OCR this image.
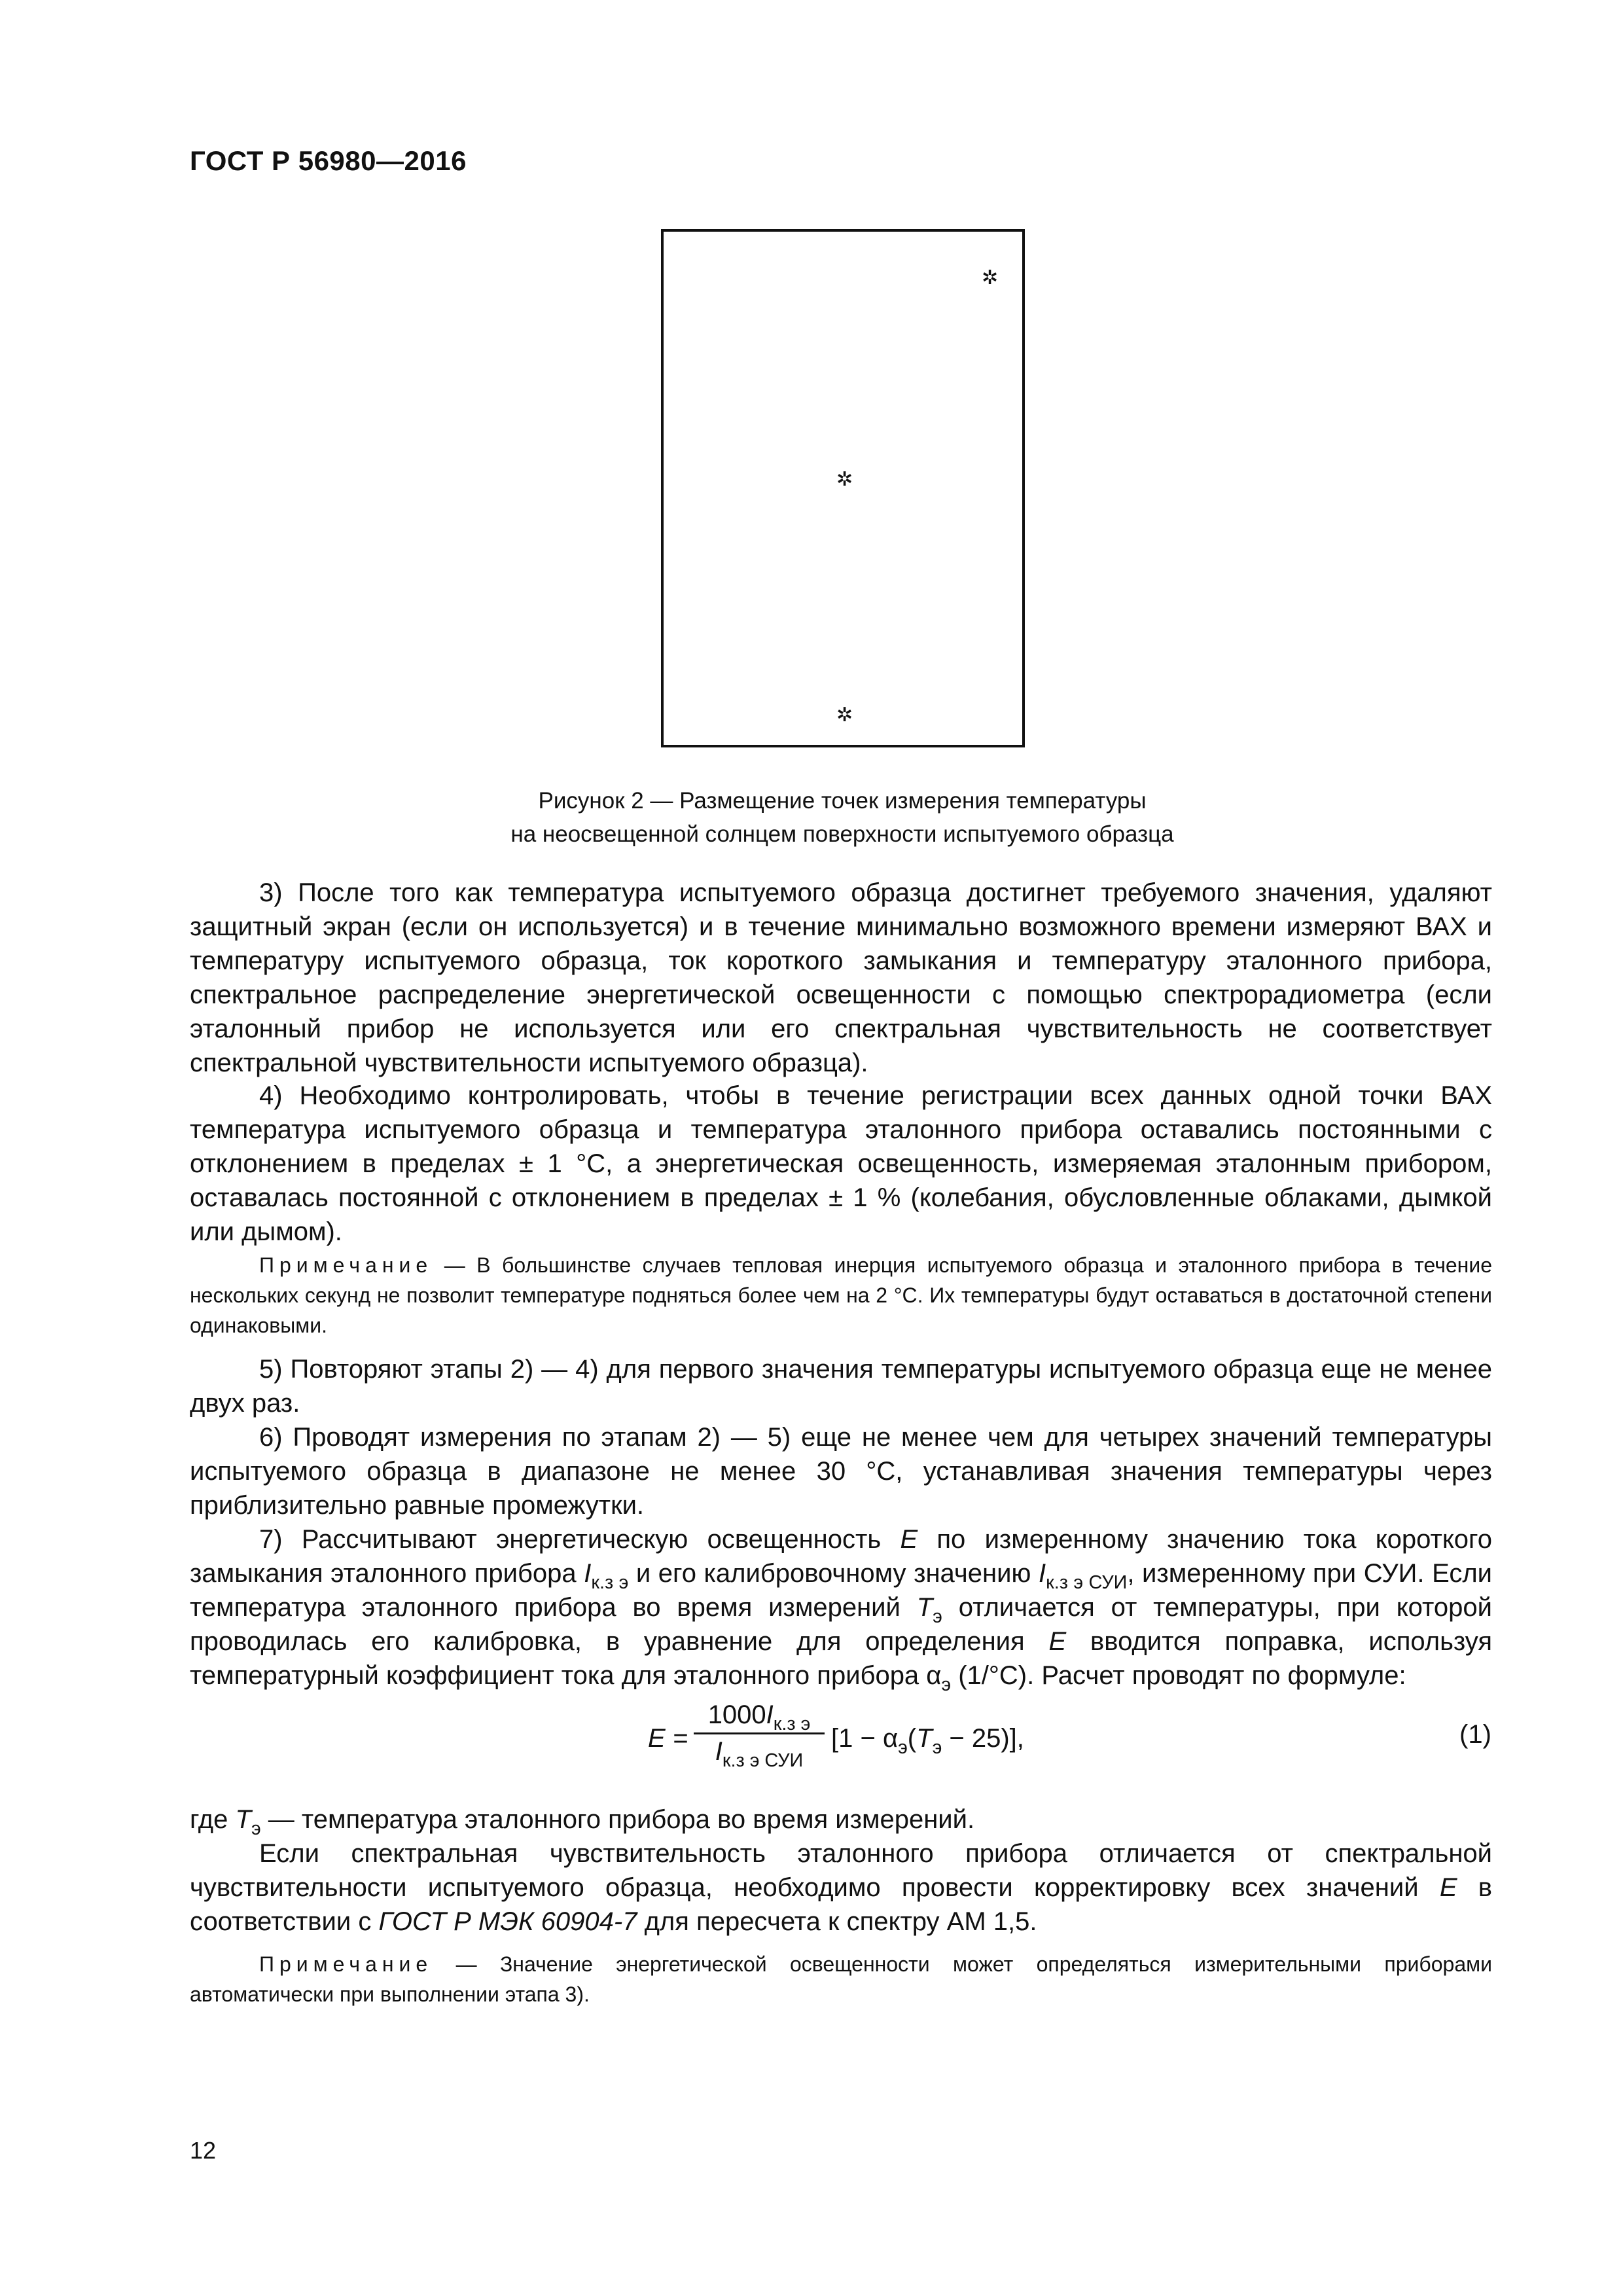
ГОСТ Р 56980—2016
✲
✲
✲
Рисунок 2 — Размещение точек измерения температуры
на неосвещенной солнцем поверхности испытуемого образца
3) После того как температура испытуемого образца достигнет требуемого значения, удаляют защитный экран (если он используется) и в течение минимально возможного времени измеряют ВАХ и температуру испытуемого образца, ток короткого замыкания и температуру эталонного прибора, спектральное распределение энергетической освещенности с помощью спектрорадиометра (если эталонный прибор не используется или его спектральная чувствительность не соответствует спектральной чувствительности испытуемого образца).
4) Необходимо контролировать, чтобы в течение регистрации всех данных одной точки ВАХ температура испытуемого образца и температура эталонного прибора оставались постоянными с отклонением в пределах ± 1 °С, а энергетическая освещенность, измеряемая эталонным прибором, оставалась постоянной с отклонением в пределах ± 1 % (колебания, обусловленные облаками, дымкой или дымом).
Примечание — В большинстве случаев тепловая инерция испытуемого образца и эталонного прибора в течение нескольких секунд не позволит температуре подняться более чем на 2 °С. Их температуры будут оставаться в достаточной степени одинаковыми.
5) Повторяют этапы 2) — 4) для первого значения температуры испытуемого образца еще не менее двух раз.
6) Проводят измерения по этапам 2) — 5) еще не менее чем для четырех значений температуры испытуемого образца в диапазоне не менее 30 °С, устанавливая значения температуры через приблизительно равные промежутки.
7) Рассчитывают энергетическую освещенность E по измеренному значению тока короткого замыкания эталонного прибора $I_{к.з э}$ и его калибровочному значению $I_{к.з э СУИ}$, измеренному при СУИ. Если температура эталонного прибора во время измерений $T_э$ отличается от температуры, при которой проводилась его калибровка, в уравнение для определения E вводится поправка, используя температурный коэффициент тока для эталонного прибора $\alpha_э$ (1/°С). Расчет проводят по формуле:
E =
$1000I_{к.з э}$
$I_{к.з э СУИ}$
$[1 - \alpha_э(T_э - 25)]$,	(1)
где $T_э$ — температура эталонного прибора во время измерений.
Если спектральная чувствительность эталонного прибора отличается от спектральной чувствительности испытуемого образца, необходимо провести корректировку всех значений E в соответствии с ГОСТ Р МЭК 60904-7 для пересчета к спектру АМ 1,5.
Примечание — Значение энергетической освещенности может определяться измерительными приборами автоматически при выполнении этапа 3).
12
